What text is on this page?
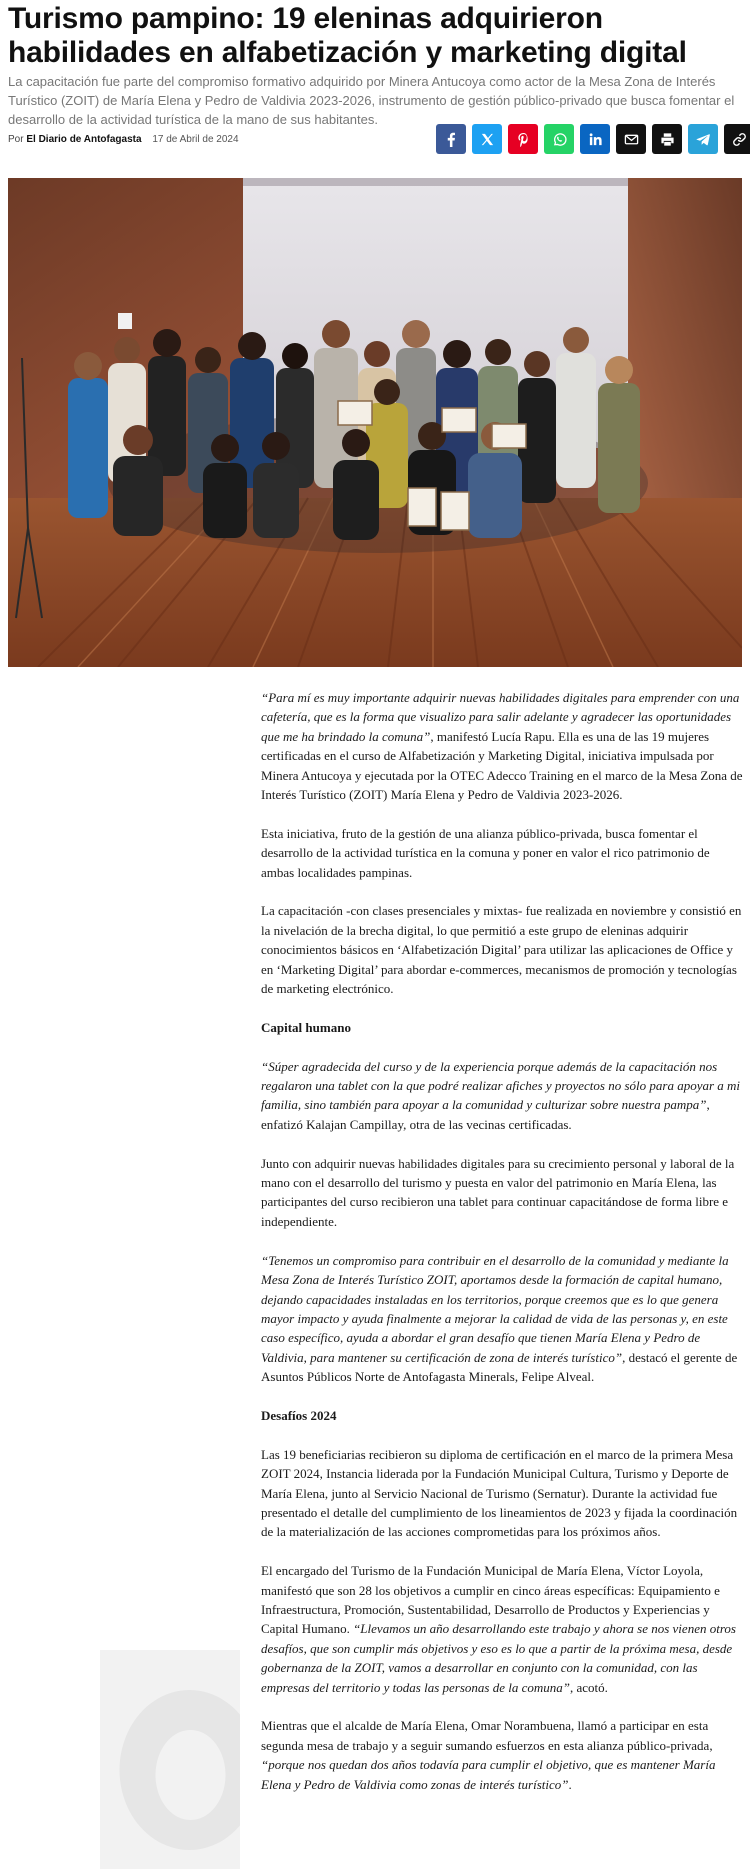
Turismo pampino: 19 eleninas adquirieron habilidades en alfabetización y marketing digital

La capacitación fue parte del compromiso formativo adquirido por Minera Antucoya como actor de la Mesa Zona de Interés Turístico (ZOIT) de María Elena y Pedro de Valdivia 2023-2026, instrumento de gestión público-privado que busca fomentar el desarrollo de la actividad turística de la mano de sus habitantes.

Por El Diario de Antofagasta 17 de Abril de 2024

“Para mí es muy importante adquirir nuevas habilidades digitales para emprender con una cafetería, que es la forma que visualizo para salir adelante y agradecer las oportunidades que me ha brindado la comuna”, manifestó Lucía Rapu. Ella es una de las 19 mujeres certificadas en el curso de Alfabetización y Marketing Digital, iniciativa impulsada por Minera Antucoya y ejecutada por la OTEC Adecco Training en el marco de la Mesa Zona de Interés Turístico (ZOIT) María Elena y Pedro de Valdivia 2023-2026.

Esta iniciativa, fruto de la gestión de una alianza público-privada, busca fomentar el desarrollo de la actividad turística en la comuna y poner en valor el rico patrimonio de ambas localidades pampinas.

La capacitación -con clases presenciales y mixtas- fue realizada en noviembre y consistió en la nivelación de la brecha digital, lo que permitió a este grupo de eleninas adquirir conocimientos básicos en ‘Alfabetización Digital’ para utilizar las aplicaciones de Office y en ‘Marketing Digital’ para abordar e-commerces, mecanismos de promoción y tecnologías de marketing electrónico.

Capital humano

“Súper agradecida del curso y de la experiencia porque además de la capacitación nos regalaron una tablet con la que podré realizar afiches y proyectos no sólo para apoyar a mi familia, sino también para apoyar a la comunidad y culturizar sobre nuestra pampa”, enfatizó Kalajan Campillay, otra de las vecinas certificadas.

Junto con adquirir nuevas habilidades digitales para su crecimiento personal y laboral de la mano con el desarrollo del turismo y puesta en valor del patrimonio en María Elena, las participantes del curso recibieron una tablet para continuar capacitándose de forma libre e independiente.

“Tenemos un compromiso para contribuir en el desarrollo de la comunidad y mediante la Mesa Zona de Interés Turístico ZOIT, aportamos desde la formación de capital humano, dejando capacidades instaladas en los territorios, porque creemos que es lo que genera mayor impacto y ayuda finalmente a mejorar la calidad de vida de las personas y, en este caso específico, ayuda a abordar el gran desafío que tienen María Elena y Pedro de Valdivia, para mantener su certificación de zona de interés turístico”, destacó el gerente de Asuntos Públicos Norte de Antofagasta Minerals, Felipe Alveal.

Desafíos 2024

Las 19 beneficiarias recibieron su diploma de certificación en el marco de la primera Mesa ZOIT 2024, Instancia liderada por la Fundación Municipal Cultura, Turismo y Deporte de María Elena, junto al Servicio Nacional de Turismo (Sernatur). Durante la actividad fue presentado el detalle del cumplimiento de los lineamientos de 2023 y fijada la coordinación de la materialización de las acciones comprometidas para los próximos años.

El encargado del Turismo de la Fundación Municipal de María Elena, Víctor Loyola, manifestó que son 28 los objetivos a cumplir en cinco áreas específicas: Equipamiento e Infraestructura, Promoción, Sustentabilidad, Desarrollo de Productos y Experiencias y Capital Humano. “Llevamos un año desarrollando este trabajo y ahora se nos vienen otros desafíos, que son cumplir más objetivos y eso es lo que a partir de la próxima mesa, desde gobernanza de la ZOIT, vamos a desarrollar en conjunto con la comunidad, con las empresas del territorio y todas las personas de la comuna”, acotó.

Mientras que el alcalde de María Elena, Omar Norambuena, llamó a participar en esta segunda mesa de trabajo y a seguir sumando esfuerzos en esta alianza público-privada, “porque nos quedan dos años todavía para cumplir el objetivo, que es mantener María Elena y Pedro de Valdivia como zonas de interés turístico”.
